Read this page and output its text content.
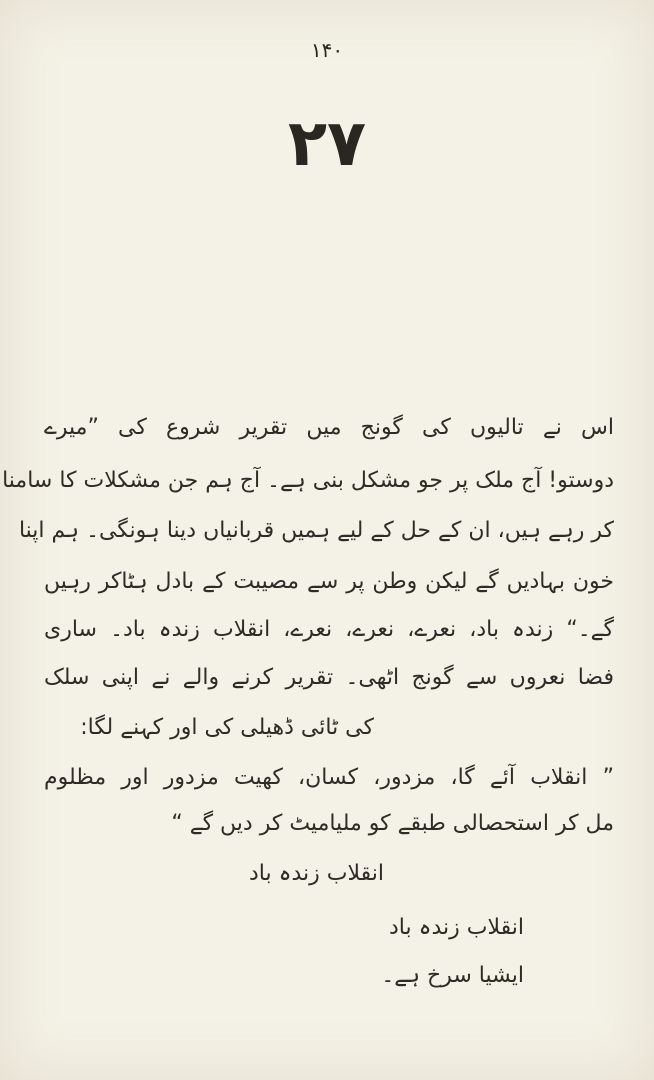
۱۴۰
۲۷
اس نے تالیوں کی گونج میں تقریر شروع کی ”میرے
دوستو! آج ملک پر جو مشکل بنی ہے۔ آج ہم جن مشکلات کا سامنا
کر رہے ہیں، ان کے حل کے لیے ہمیں قربانیاں دینا ہونگی۔ ہم اپنا
خون بہادیں گے لیکن وطن پر سے مصیبت کے بادل ہٹاکر رہیں
گے۔“ زندہ باد، نعرے، نعرے، نعرے، انقلاب زندہ باد۔ ساری
فضا نعروں سے گونج اٹھی۔ تقریر کرنے والے نے اپنی سلک
کی ٹائی ڈھیلی کی اور کہنے لگا:
” انقلاب آئے گا، مزدور، کسان، کھیت مزدور اور مظلوم
مل کر استحصالی طبقے کو ملیامیٹ کر دیں گے “
انقلاب زندہ باد
انقلاب زندہ باد
ایشیا سرخ ہے۔
